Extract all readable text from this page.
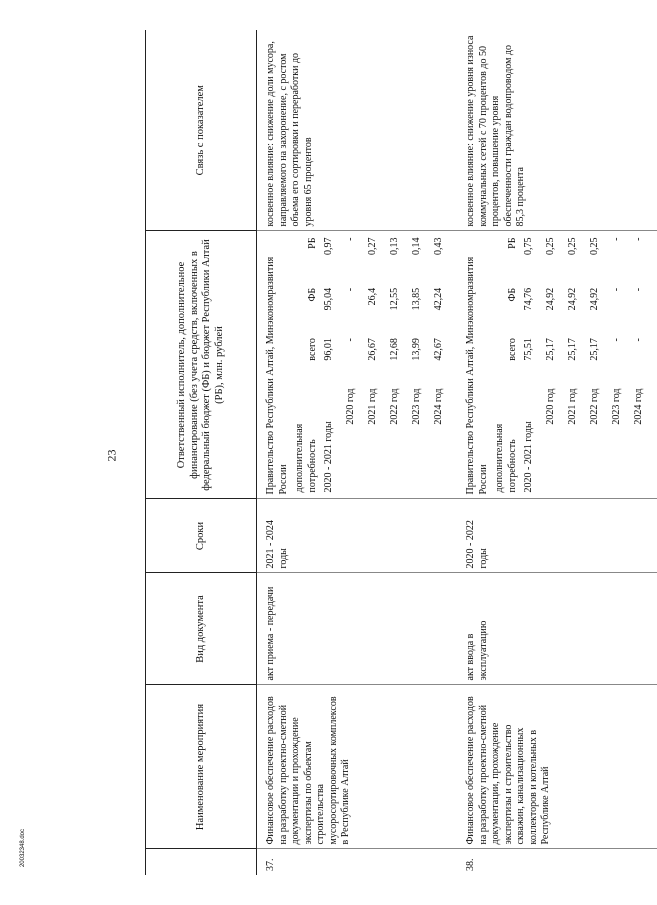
23
20032348.doc
	Наименование мероприятия	Вид документа	Сроки	Ответственный исполнитель, дополнительное финансирование (без учета средств, включенных в федеральный бюджет (ФБ) и бюджет Республики Алтай (РБ), млн. рублей	Связь с показателем

37.	Финансовое обеспечение расходов на разработку проектно-сметной документации и прохождение экспертизы по объектам строительства мусоросортировочных комплексов в Республике Алтай	акт приема - передачи	2021 - 2024 годы	
Правительство Республики Алтай, Минэкономразвития России дополнительная потребность	всего	ФБ	РБ
2020 - 2021 годы	96,01	95,04	0,97
2020 год	-	-	-
2021 год	26,67	26,4	0,27
2022 год	12,68	12,55	0,13
2023 год	13,99	13,85	0,14
2024 год	42,67	42,24	0,43
	косвенное влияние: снижение доли мусора, направляемого на захоронение, с ростом объема его сортировки и переработки до уровня 65 процентов

38.	Финансовое обеспечение расходов на разработку проектно-сметной документации, прохождение экспертизы и строительство скважин, канализационных коллекторов и котельных в Республике Алтай	акт ввода в эксплуатацию	2020 - 2022 годы	
Правительство Республики Алтай, Минэкономразвития России дополнительная потребность	всего	ФБ	РБ
2020 - 2021 годы	75,51	74,76	0,75
2020 год	25,17	24,92	0,25
2021 год	25,17	24,92	0,25
2022 год	25,17	24,92	0,25
2023 год	-	-	-
2024 год	-	-	-
	косвенное влияние: снижение уровня износа коммунальных сетей с 70 процентов до 50 процентов, повышение уровня обеспеченности граждан водопроводом до 85,3 процента
